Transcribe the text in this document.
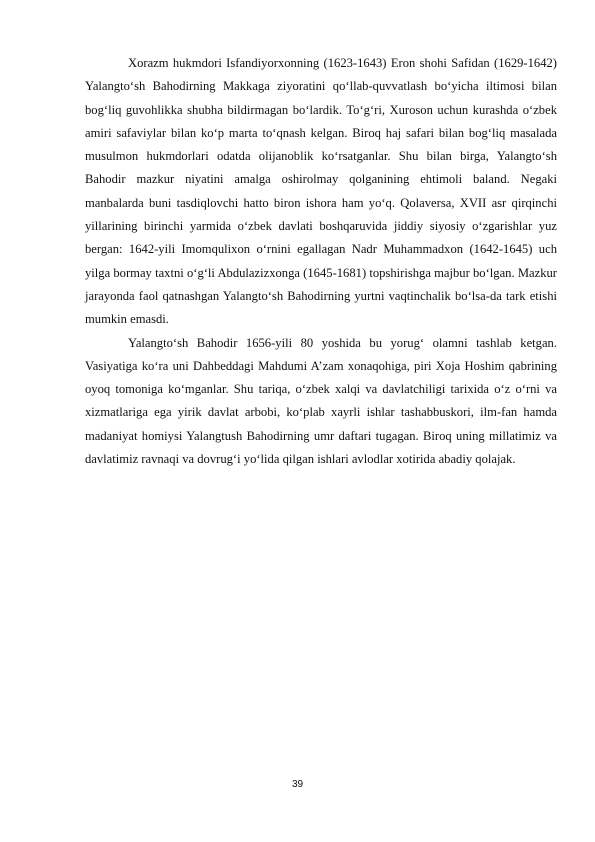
Xorazm hukmdori Isfandiyorxonning (1623-1643) Eron shohi Safidan (1629-1642) Yalangto‘sh Bahodirning Makkaga ziyoratini qo‘llab-quvvatlash bo‘yicha iltimosi bilan bog‘liq guvohlikka shubha bildirmagan bo‘lardik. To‘g‘ri, Xuroson uchun kurashda o‘zbek amiri safaviylar bilan ko‘p marta to‘qnash kelgan. Biroq haj safari bilan bog‘liq masalada musulmon hukmdorlari odatda olijanoblik ko‘rsatganlar. Shu bilan birga, Yalangto‘sh Bahodir mazkur niyatini amalga oshirolmay qolganining ehtimoli baland. Negaki manbalarda buni tasdiqlovchi hatto biron ishora ham yo‘q. Qolaversa, XVII asr qirqinchi yillarining birinchi yarmida o‘zbek davlati boshqaruvida jiddiy siyosiy o‘zgarishlar yuz bergan: 1642-yili Imomqulixon o‘rnini egallagan Nadr Muhammadxon (1642-1645) uch yilga bormay taxtni o‘g‘li Abdulazizxonga (1645-1681) topshirishga majbur bo‘lgan. Mazkur jarayonda faol qatnashgan Yalangto‘sh Bahodirning yurtni vaqtinchalik bo‘lsa-da tark etishi mumkin emasdi.

Yalangto‘sh Bahodir 1656-yili 80 yoshida bu yorug‘ olamni tashlab ketgan. Vasiyatiga ko‘ra uni Dahbeddagi Mahdumi A’zam xonaqohiga, piri Xoja Hoshim qabrining oyoq tomoniga ko‘mganlar. Shu tariqa, o‘zbek xalqi va davlatchiligi tarixida o‘z o‘rni va xizmatlariga ega yirik davlat arbobi, ko‘plab xayrli ishlar tashabbuskori, ilm-fan hamda madaniyat homiysi Yalangtush Bahodirning umr daftari tugagan. Biroq uning millatimiz va davlatimiz ravnaqi va dovrug‘i yo‘lida qilgan ishlari avlodlar xotirida abadiy qolajak.

39
